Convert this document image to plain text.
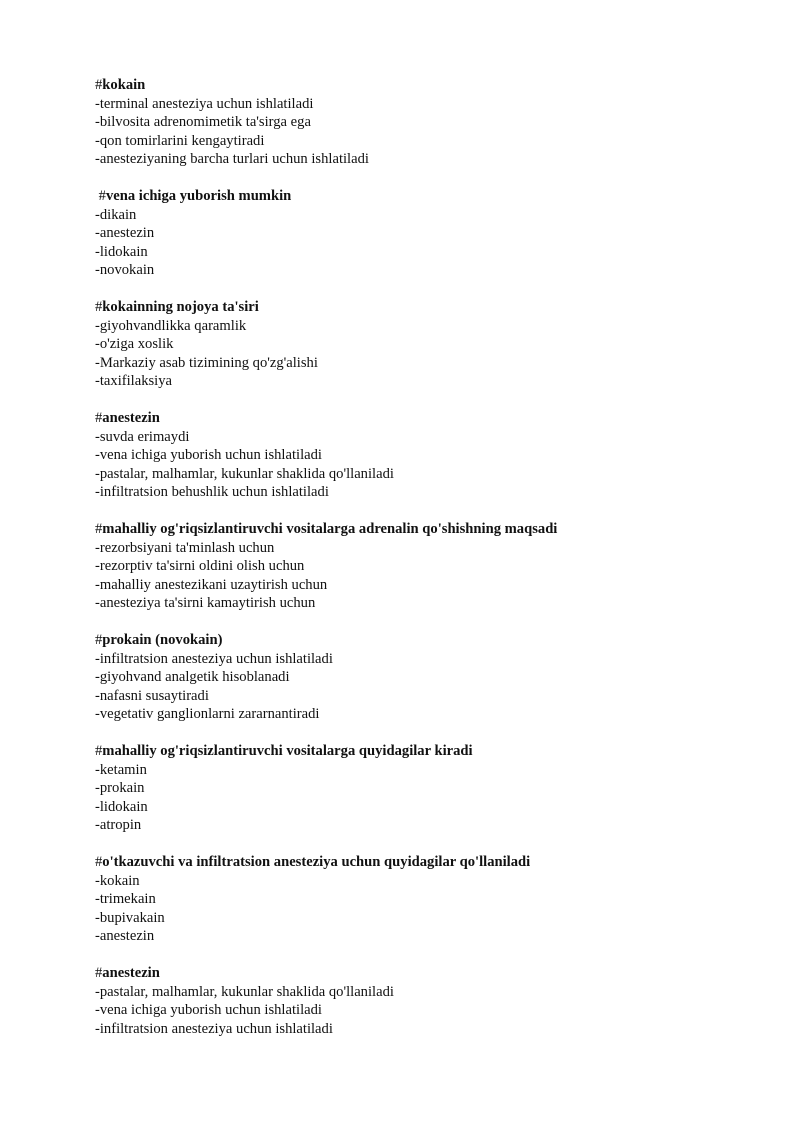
#kokain

-terminal anesteziya uchun ishlatiladi

-bilvosita adrenomimetik ta'sirga ega

-qon tomirlarini kengaytiradi

-anesteziyaning barcha turlari uchun ishlatiladi

#vena ichiga yuborish mumkin

-dikain

-anestezin

-lidokain

-novokain

#kokainning nojoya ta'siri

-giyohvandlikka qaramlik

-o'ziga xoslik

-Markaziy asab tizimining qo'zg'alishi

-taxifilaksiya

#anestezin

-suvda erimaydi

-vena ichiga yuborish uchun ishlatiladi

-pastalar, malhamlar, kukunlar shaklida qo'llaniladi

-infiltratsion behushlik uchun ishlatiladi

#mahalliy og'riqsizlantiruvchi vositalarga adrenalin qo'shishning maqsadi

-rezorbsiyani ta'minlash uchun

-rezorptiv ta'sirni oldini olish uchun

-mahalliy anestezikani uzaytirish uchun

-anesteziya ta'sirni kamaytirish uchun

#prokain (novokain)

-infiltratsion anesteziya uchun ishlatiladi

-giyohvand analgetik hisoblanadi

-nafasni susaytiradi

-vegetativ ganglionlarni zararnantiradi

#mahalliy og'riqsizlantiruvchi vositalarga quyidagilar kiradi

-ketamin

-prokain

-lidokain

-atropin

#o'tkazuvchi va infiltratsion anesteziya uchun quyidagilar qo'llaniladi

-kokain

-trimekain

-bupivakain

-anestezin

#anestezin

-pastalar, malhamlar, kukunlar shaklida qo'llaniladi

-vena ichiga yuborish uchun ishlatiladi

-infiltratsion anesteziya uchun ishlatiladi
